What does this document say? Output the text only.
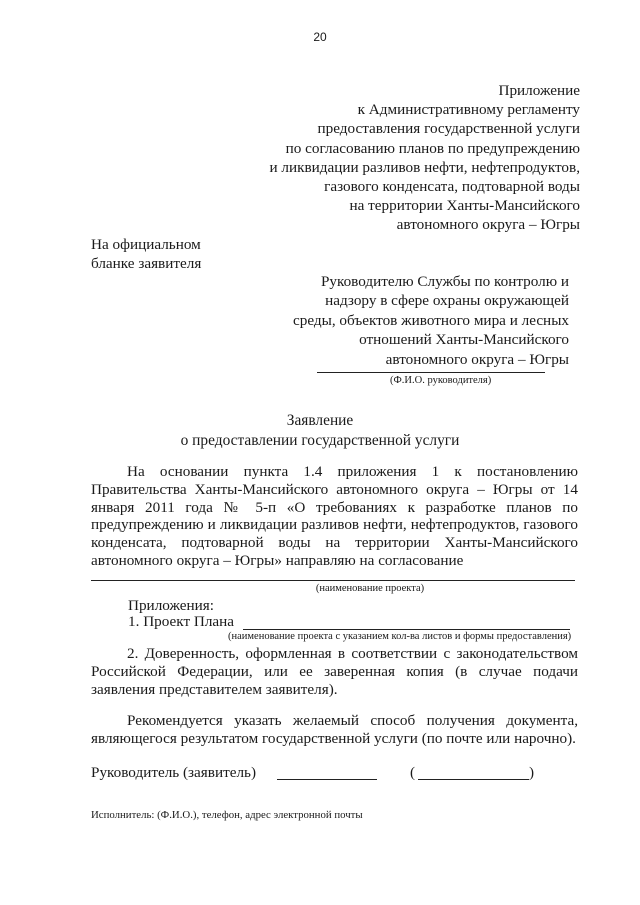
20
Приложение
к Административному регламенту
предоставления государственной услуги
по согласованию планов по предупреждению
и ликвидации разливов нефти, нефтепродуктов,
газового конденсата, подтоварной воды
на территории Ханты-Мансийского
автономного округа – Югры
На официальном
бланке заявителя
Руководителю Службы по контролю и
надзору в сфере охраны окружающей
среды, объектов животного мира и лесных
отношений Ханты-Мансийского
автономного округа – Югры
(Ф.И.О. руководителя)
Заявление
о предоставлении государственной услуги
На основании пункта 1.4 приложения 1 к постановлению
Правительства Ханты-Мансийского автономного округа – Югры от 14
января 2011 года № 5-п «О требованиях к разработке планов по
предупреждению и ликвидации разливов нефти, нефтепродуктов, газового
конденсата, подтоварной воды на территории Ханты-Мансийского
автономного округа – Югры» направляю на согласование
(наименование проекта)
Приложения:
1. Проект Плана
(наименование проекта с указанием кол-ва листов и формы предоставления)
2. Доверенность, оформленная в соответствии с законодательством
Российской Федерации, или ее заверенная копия (в случае подачи
заявления представителем заявителя).
Рекомендуется указать желаемый способ получения документа,
являющегося результатом государственной услуги (по почте или нарочно).
Руководитель (заявитель)	(	)
Исполнитель: (Ф.И.О.), телефон, адрес электронной почты
